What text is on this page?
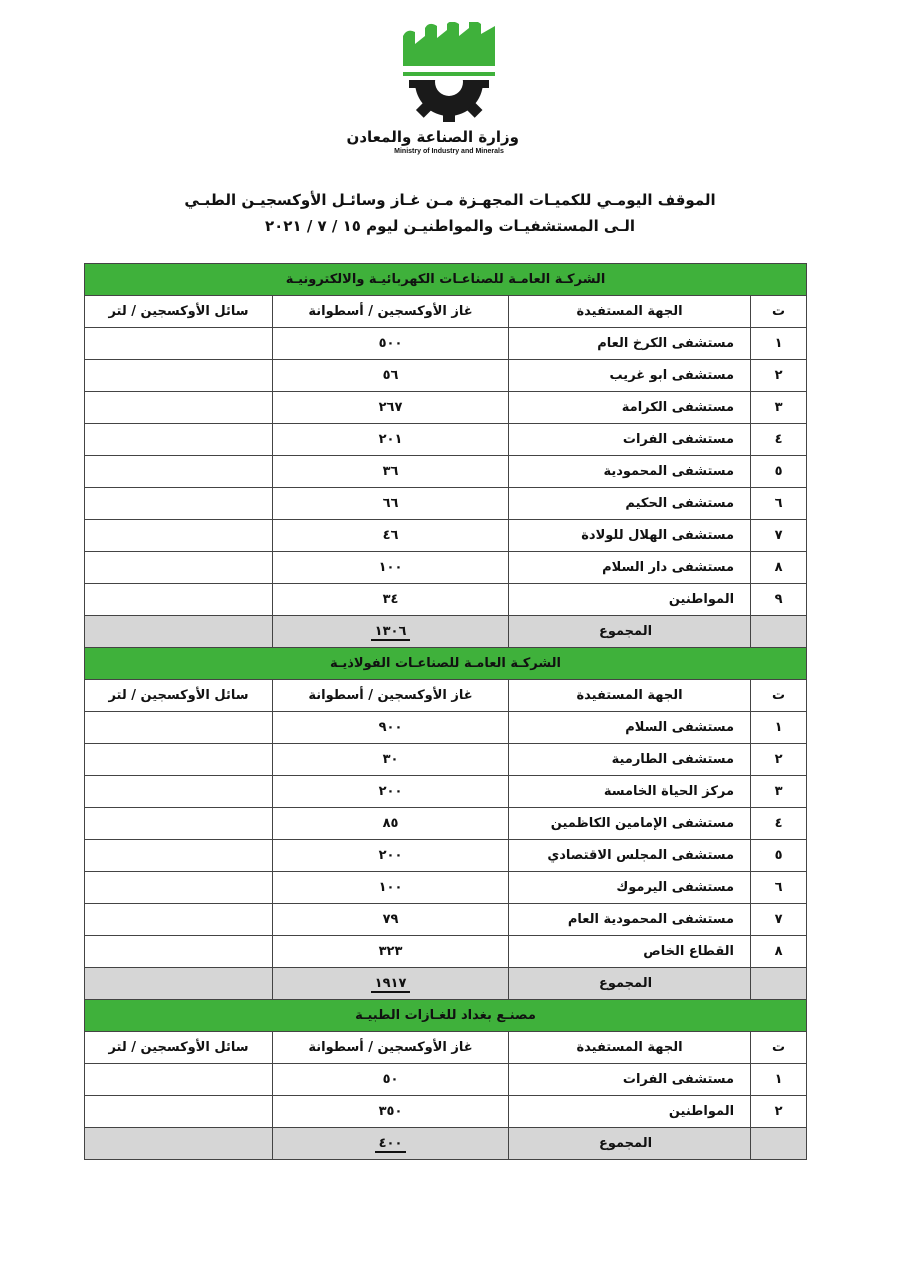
وزارة الصناعة والمعادن
Ministry of Industry and Minerals
الموقف اليومـي للكميـات المجهـزة مـن غـاز وسائـل الأوكسجيـن الطبـي
الـى المستشفيـات والمواطنيـن ليوم ١٥ / ٧ / ٢٠٢١
الشركـة العامـة للصناعـات الكهربائيـة والالكترونيـة			
ت	الجهة المستفيدة	غاز الأوكسجين / أسطوانة	سائل الأوكسجين / لتر
١	مستشفى الكرخ العام	٥٠٠	
٢	مستشفى ابو غريب	٥٦	
٣	مستشفى الكرامة	٢٦٧	
٤	مستشفى الفرات	٢٠١	
٥	مستشفى المحمودية	٣٦	
٦	مستشفى الحكيم	٦٦	
٧	مستشفى الهلال للولادة	٤٦	
٨	مستشفى دار السلام	١٠٠	
٩	المواطنين	٣٤	
	المجموع	١٣٠٦	
الشركـة العامـة للصناعـات الفولاذيـة			
ت	الجهة المستفيدة	غاز الأوكسجين / أسطوانة	سائل الأوكسجين / لتر
١	مستشفى السلام	٩٠٠	
٢	مستشفى الطارمية	٣٠	
٣	مركز الحياة الخامسة	٢٠٠	
٤	مستشفى الإمامين الكاظمين	٨٥	
٥	مستشفى المجلس الاقتصادي	٢٠٠	
٦	مستشفى اليرموك	١٠٠	
٧	مستشفى المحمودية العام	٧٩	
٨	القطاع الخاص	٣٢٣	
	المجموع	١٩١٧	
مصنـع بغداد للغـازات الطبيـة			
ت	الجهة المستفيدة	غاز الأوكسجين / أسطوانة	سائل الأوكسجين / لتر
١	مستشفى الفرات	٥٠	
٢	المواطنين	٣٥٠	
	المجموع	٤٠٠	
